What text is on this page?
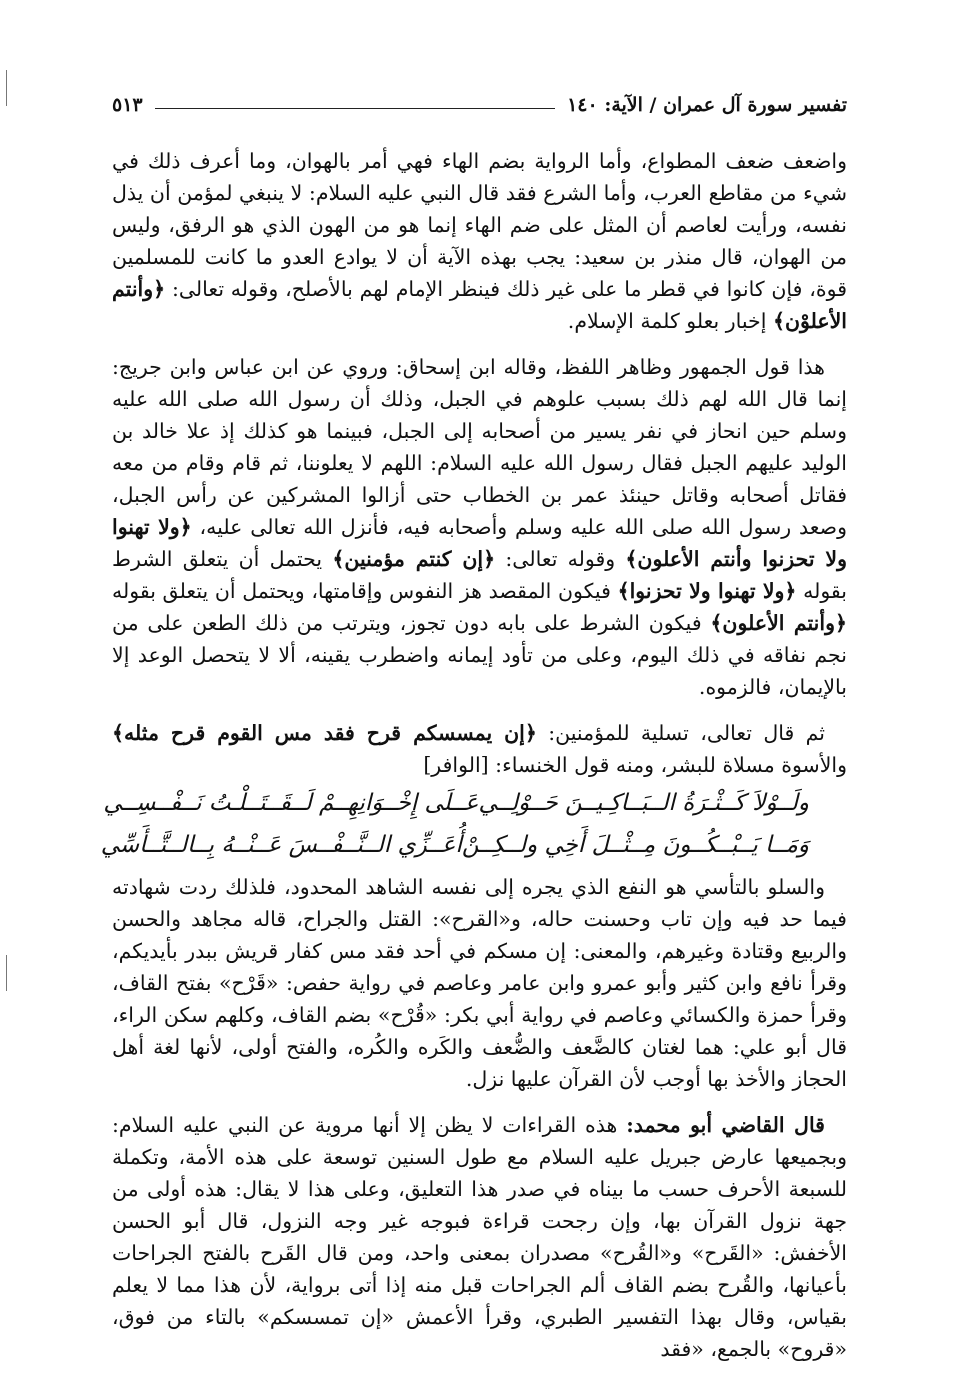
تفسير سورة آل عمران / الآية: ١٤٠
٥١٣

واضعف ضعف المطواع، وأما الرواية بضم الهاء فهي أمر بالهوان، وما أعرف ذلك في شيء من مقاطع العرب، وأما الشرع فقد قال النبي عليه السلام: لا ينبغي لمؤمن أن يذل نفسه، ورأيت لعاصم أن المثل على ضم الهاء إنما هو من الهون الذي هو الرفق، وليس من الهوان، قال منذر بن سعيد: يجب بهذه الآية أن لا يوادع العدو ما كانت للمسلمين قوة، فإن كانوا في قطر ما على غير ذلك فينظر الإمام لهم بالأصلح، وقوله تعالى: ﴿وأنتم الأعلوْن﴾ إخبار بعلو كلمة الإسلام.

هذا قول الجمهور وظاهر اللفظ، وقاله ابن إسحاق: وروي عن ابن عباس وابن جريج: إنما قال الله لهم ذلك بسبب علوهم في الجبل، وذلك أن رسول الله صلى الله عليه وسلم حين انحاز في نفر يسير من أصحابه إلى الجبل، فبينما هو كذلك إذ علا خالد بن الوليد عليهم الجبل فقال رسول الله عليه السلام: اللهم لا يعلوننا، ثم قام وقام من معه فقاتل أصحابه وقاتل حينئذ عمر بن الخطاب حتى أزالوا المشركين عن رأس الجبل، وصعد رسول الله صلى الله عليه وسلم وأصحابه فيه، فأنزل الله تعالى عليه، ﴿ولا تهنوا ولا تحزنوا وأنتم الأعلون﴾ وقوله تعالى: ﴿إن كنتم مؤمنين﴾ يحتمل أن يتعلق الشرط بقوله ﴿ولا تهنوا ولا تحزنوا﴾ فيكون المقصد هز النفوس وإقامتها، ويحتمل أن يتعلق بقوله ﴿وأنتم الأعلون﴾ فيكون الشرط على بابه دون تجوز، ويترتب من ذلك الطعن على من نجم نفاقه في ذلك اليوم، وعلى من تأود إيمانه واضطرب يقينه، ألا لا يتحصل الوعد إلا بالإيمان، فالزموه.

ثم قال تعالى، تسلية للمؤمنين: ﴿إن يمسسكم قرح فقد مس القوم قرح مثله﴾ والأسوة مسلاة للبشر، ومنه قول الخنساء: [الوافر]

ولَــوْلاَ كَــثْـرَةُ الــبَــاكِـيــنَ حَــوْلِــي
عَــلَى إِخْــوَانِهِــمْ لَــقَــتَــلْـتُ نَــفْــسِــي
وَمَــا يَــبْــكُــونَ مِــثْــلَ أَخِي ولــكِــنْ
أُعَــزِّي الــنَّــفْــسَ عَــنْــهُ بِــالــتَّــأَسِّي

والسلو بالتأسي هو النفع الذي يجره إلى نفسه الشاهد المحدود، فلذلك ردت شهادته فيما حد فيه وإن تاب وحسنت حاله، و«القرح»: القتل والجراح، قاله مجاهد والحسن والربيع وقتادة وغيرهم، والمعنى: إن مسكم في أحد فقد مس كفار قريش ببدر بأيديكم، وقرأ نافع وابن كثير وأبو عمرو وابن عامر وعاصم في رواية حفص: «قَرْح» بفتح القاف، وقرأ حمزة والكسائي وعاصم في رواية أبي بكر: «قُرْح» بضم القاف، وكلهم سكن الراء، قال أبو علي: هما لغتان كالضَّعف والضُّعف والكَره والكُره، والفتح أولى، لأنها لغة أهل الحجاز والأخذ بها أوجب لأن القرآن عليها نزل.

قال القاضي أبو محمد: هذه القراءات لا يظن إلا أنها مروية عن النبي عليه السلام: وبجميعها عارض جبريل عليه السلام مع طول السنين توسعة على هذه الأمة، وتكملة للسبعة الأحرف حسب ما بيناه في صدر هذا التعليق، وعلى هذا لا يقال: هذه أولى من جهة نزول القرآن بها، وإن رجحت قراءة فبوجه غير وجه النزول، قال أبو الحسن الأخفش: «القَرح» و«القُرح» مصدران بمعنى واحد، ومن قال القَرح بالفتح الجراحات بأعيانها، والقُرح بضم القاف ألم الجراحات قبل منه إذا أتى برواية، لأن هذا مما لا يعلم بقياس، وقال بهذا التفسير الطبري، وقرأ الأعمش «إن تمسسكم» بالتاء من فوق، «قروح» بالجمع، «فقد
